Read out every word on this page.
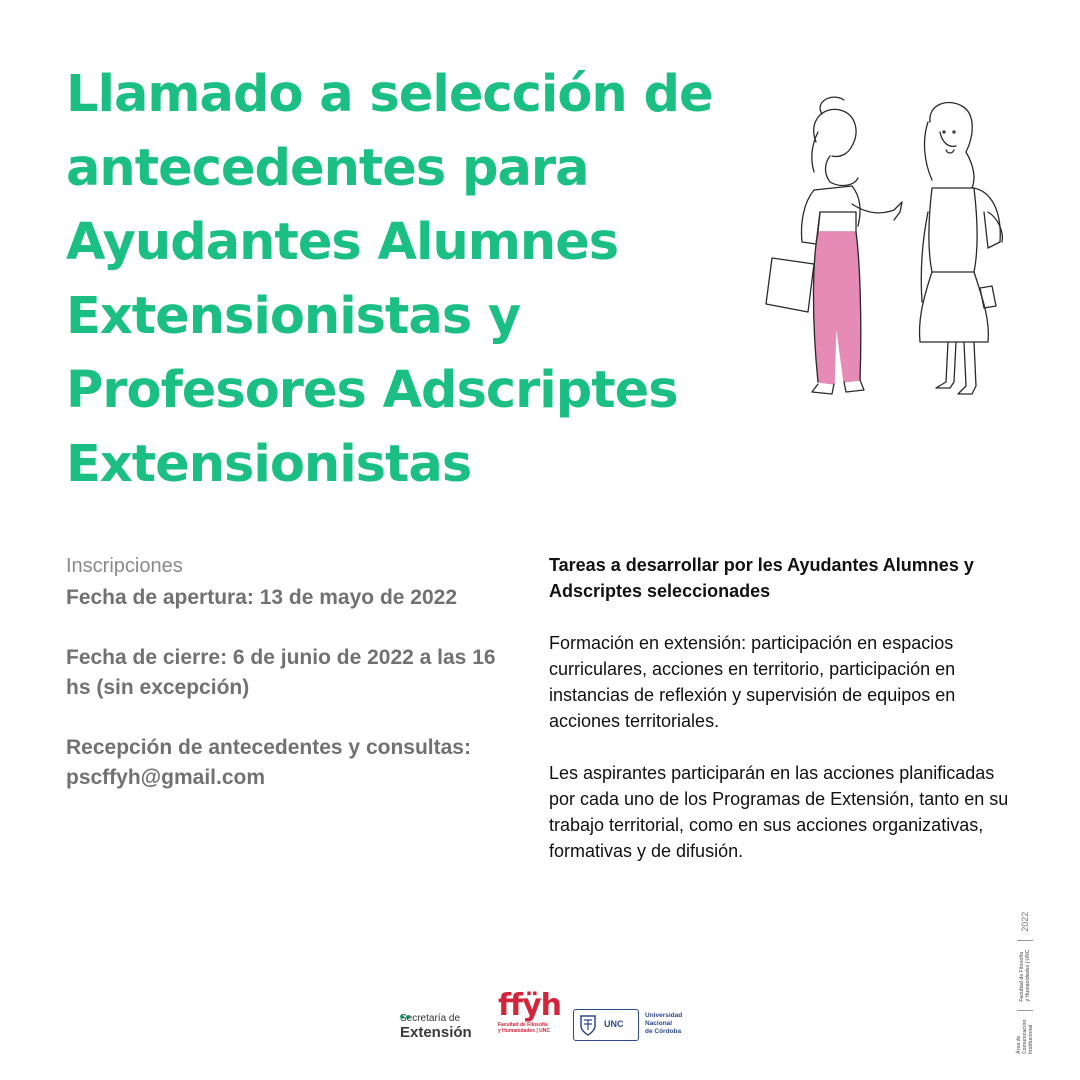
Llamado a selección de
antecedentes para
Ayudantes Alumnes
Extensionistas y
Profesores Adscriptes
Extensionistas
Inscripciones

Fecha de apertura: 13 de mayo de 2022

Fecha de cierre: 6 de junio de 2022 a las 16 hs (sin excepción)

Recepción de antecedentes y consultas: pscffyh@gmail.com

Tareas a desarrollar por les Ayudantes Alumnes y Adscriptes seleccionades

Formación en extensión: participación en espacios curriculares, acciones en territorio, participación en instancias de reflexión y supervisión de equipos en acciones territoriales.

Les aspirantes participarán en las acciones planificadas por cada uno de los Programas de Extensión, tanto en su trabajo territorial, como en sus acciones organizativas, formativas y de difusión.

Secretaría de
Extensión
ffÿh
Facultad de Filosofía
y Humanidades | UNC
UNC
Universidad
Nacional
de Córdoba
Área de
Comunicación
Institucional  Facultad de Filosofía
y Humanidades | UNC  2022
